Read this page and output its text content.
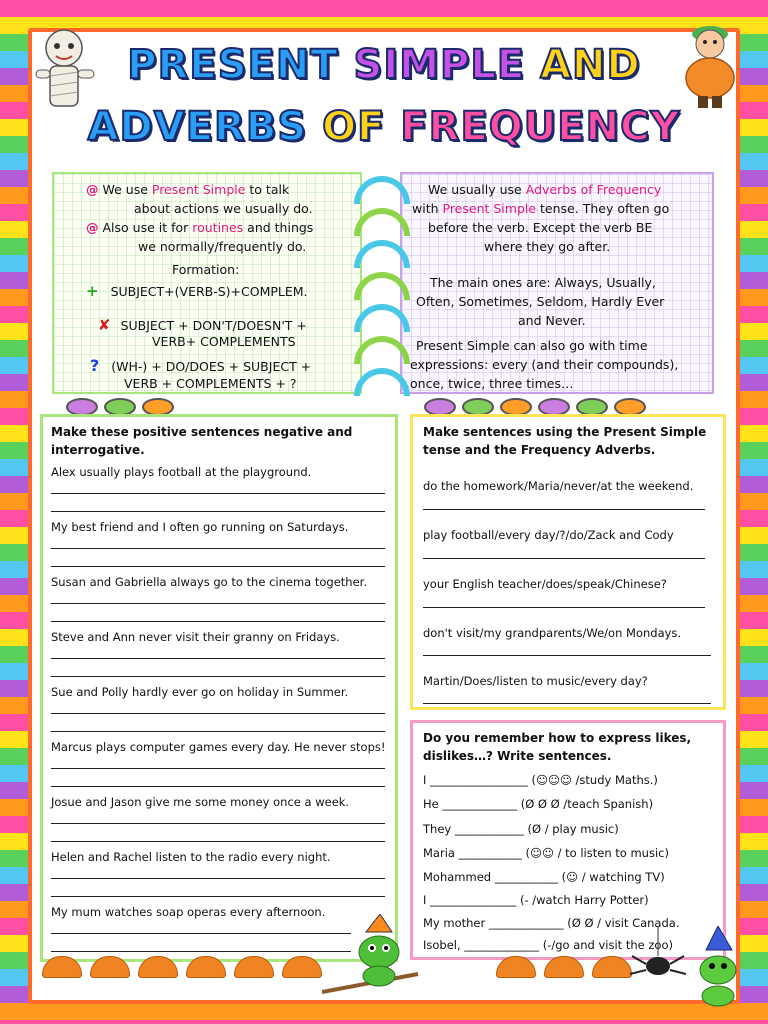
PRESENT SIMPLE AND
ADVERBS OF FREQUENCY
@ We use Present Simple to talk
about actions we usually do.
@ Also use it for routines and things
we normally/frequently do.
Formation:
+ SUBJECT+(VERB-S)+COMPLEM.
✘ SUBJECT + DON'T/DOESN'T +
VERB+ COMPLEMENTS
? (WH-) + DO/DOES + SUBJECT +
VERB + COMPLEMENTS + ?
We usually use Adverbs of Frequency
with Present Simple tense. They often go
before the verb. Except the verb BE
where they go after.
The main ones are: Always, Usually,
Often, Sometimes, Seldom, Hardly Ever
and Never.
Present Simple can also go with time
expressions: every (and their compounds),
once, twice, three times…
Make these positive sentences negative and
interrogative.
Alex usually plays football at the playground.
My best friend and I often go running on Saturdays.
Susan and Gabriella always go to the cinema together.
Steve and Ann never visit their granny on Fridays.
Sue and Polly hardly ever go on holiday in Summer.
Marcus plays computer games every day. He never stops!
Josue and Jason give me some money once a week.
Helen and Rachel listen to the radio every night.
My mum watches soap operas every afternoon.
Make sentences using the Present Simple
tense and the Frequency Adverbs.
do the homework/Maria/never/at the weekend.
play football/every day/?/do/Zack and Cody
your English teacher/does/speak/Chinese?
don't visit/my grandparents/We/on Mondays.
Martin/Does/listen to music/every day?
Do you remember how to express likes,
dislikes…? Write sentences.
I _________________ (☺☺☺ /study Maths.)
He _____________ (Ø Ø Ø /teach Spanish)
They ____________ (Ø / play music)
Maria ___________ (☺☺ / to listen to music)
Mohammed ___________ (☺ / watching TV)
I _______________ (- /watch Harry Potter)
My mother _____________ (Ø Ø / visit Canada.
Isobel, _____________ (-/go and visit the zoo)
